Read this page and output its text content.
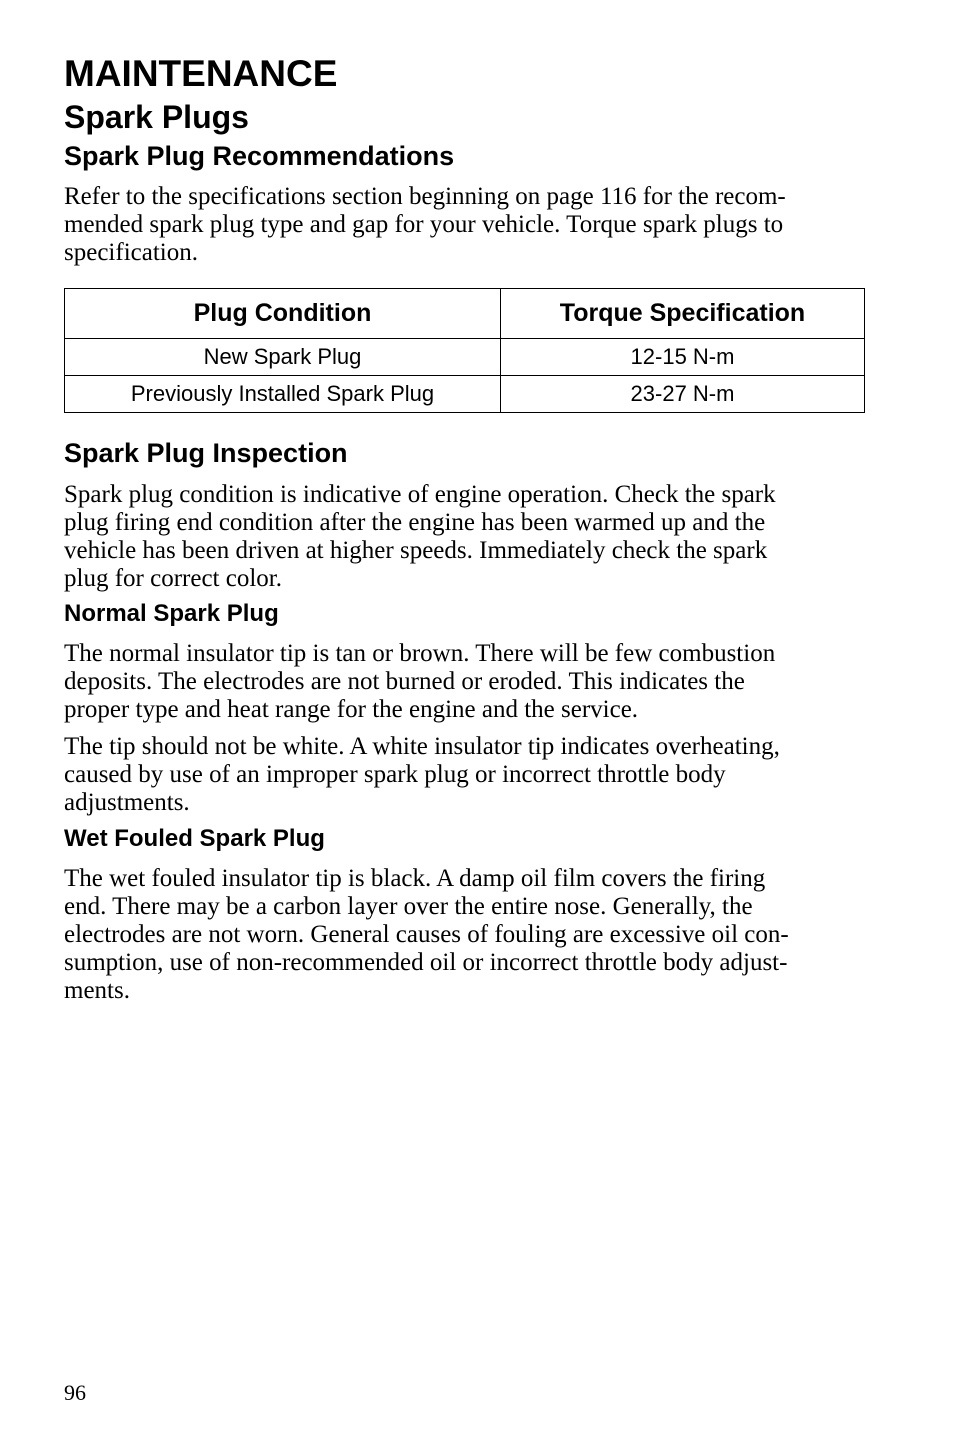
MAINTENANCE
Spark Plugs
Spark Plug Recommendations
Refer to the specifications section beginning on page 116 for the recom-
mended spark plug type and gap for your vehicle. Torque spark plugs to
specification.
Plug Condition	Torque Specification
New Spark Plug	12-15 N-m
Previously Installed Spark Plug	23-27 N-m
Spark Plug Inspection
Spark plug condition is indicative of engine operation. Check the spark
plug firing end condition after the engine has been warmed up and the
vehicle has been driven at higher speeds. Immediately check the spark
plug for correct color.
Normal Spark Plug
The normal insulator tip is tan or brown. There will be few combustion
deposits. The electrodes are not burned or eroded. This indicates the
proper type and heat range for the engine and the service.
The tip should not be white. A white insulator tip indicates overheating,
caused by use of an improper spark plug or incorrect throttle body
adjustments.
Wet Fouled Spark Plug
The wet fouled insulator tip is black. A damp oil film covers the firing
end. There may be a carbon layer over the entire nose. Generally, the
electrodes are not worn. General causes of fouling are excessive oil con-
sumption, use of non-recommended oil or incorrect throttle body adjust-
ments.
96
